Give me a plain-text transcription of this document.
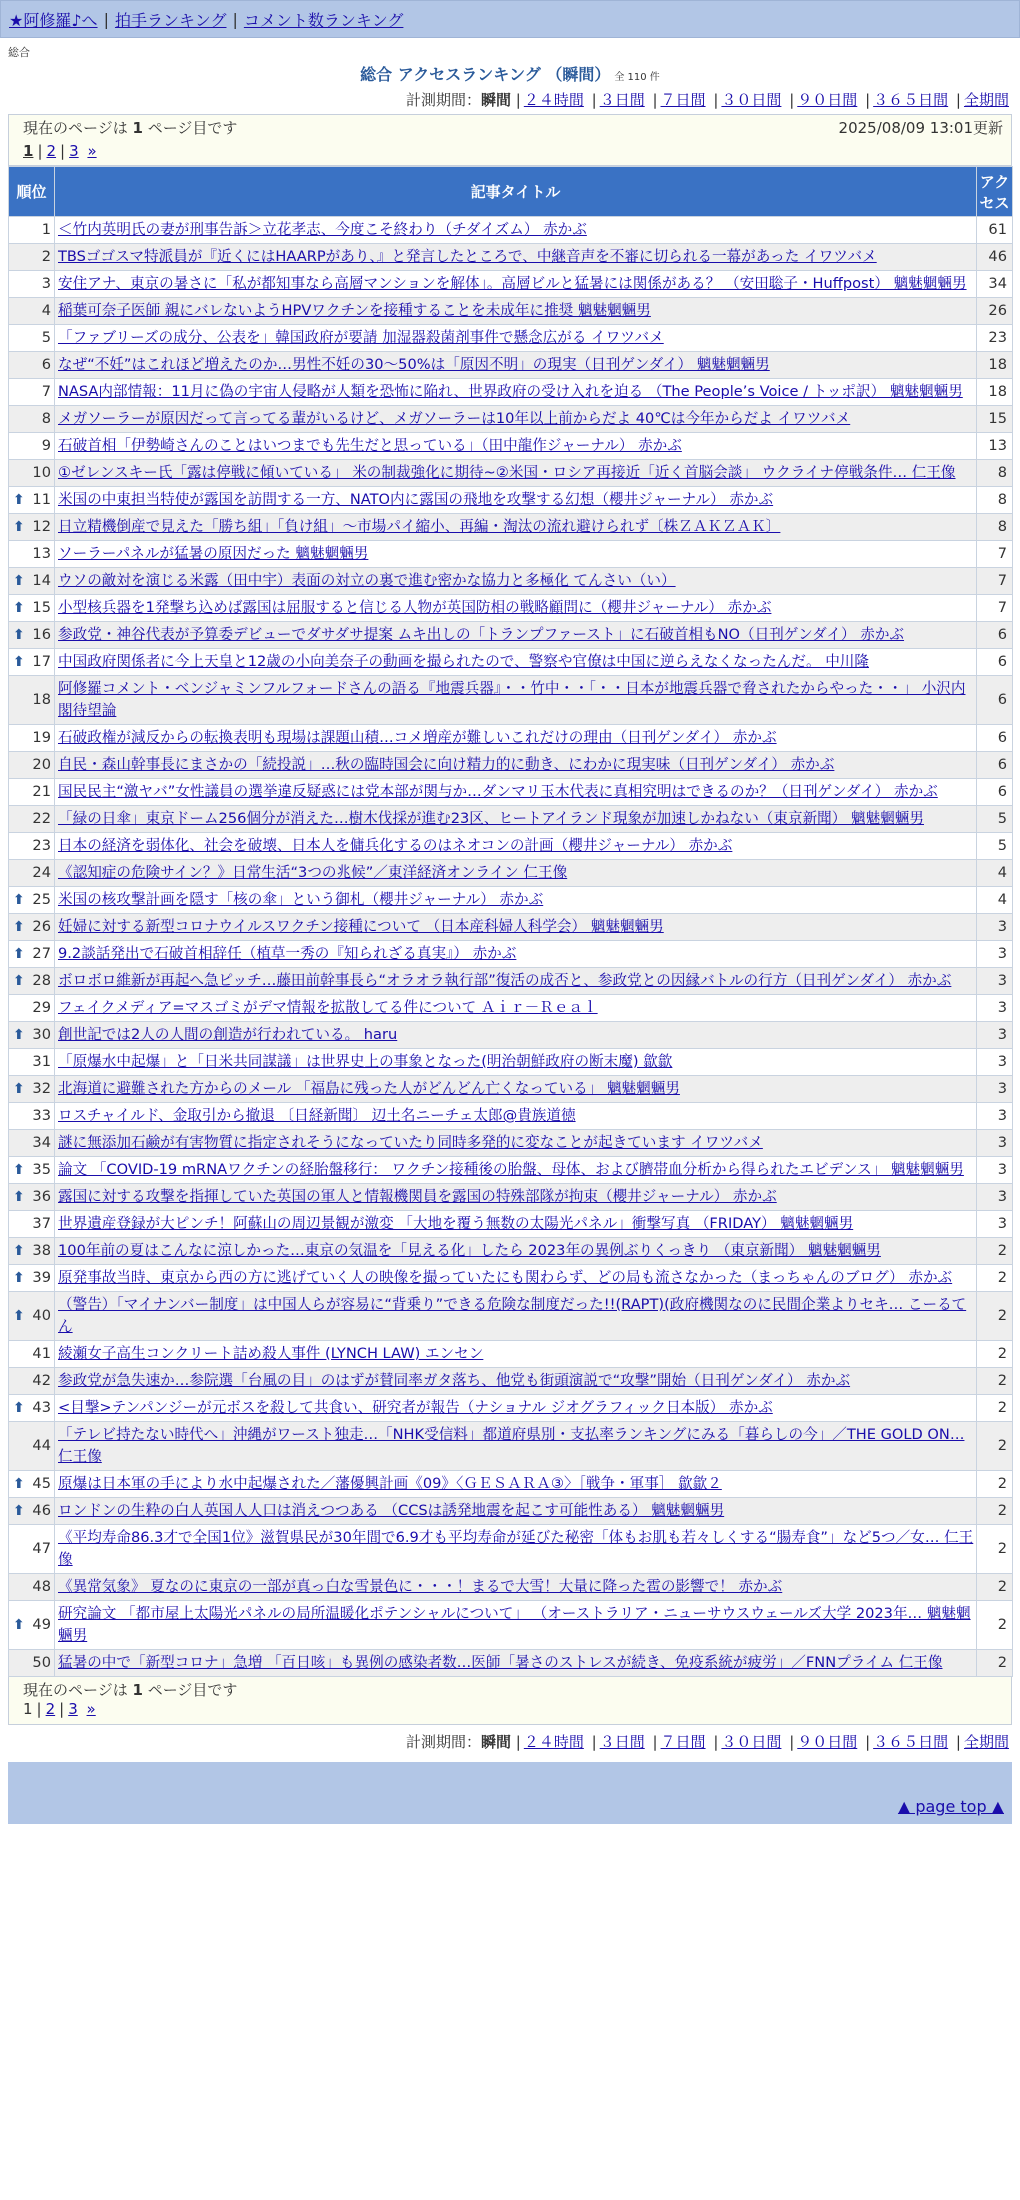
★阿修羅♪へ | 拍手ランキング | コメント数ランキング
総合
総合 アクセスランキング （瞬間） 全 110 件
計測期間：瞬間 | ２４時間 | ３日間 | ７日間 | ３０日間 | ９０日間 | ３６５日間 | 全期間
現在のページは 1 ページ目です	2025/08/09 13:01更新
1 | 2 | 3 »
順位	記事タイトル	アクセス
1	＜竹内英明氏の妻が刑事告訴＞立花孝志、今度こそ終わり（チダイズム） 赤かぶ	61
2	TBSゴゴスマ特派員が『近くにはHAARPがあり、』と発言したところで、中継音声を不審に切られる一幕があった イワツバメ	46
3	安住アナ、東京の暑さに「私が都知事なら高層マンションを解体」。高層ビルと猛暑には関係がある？ （安田聡子・Huffpost） 魑魅魍魎男	34
4	稲葉可奈子医師 親にバレないようHPVワクチンを接種することを未成年に推奨 魑魅魍魎男	26
5	「ファブリーズの成分、公表を」韓国政府が要請 加湿器殺菌剤事件で懸念広がる イワツバメ	23
6	なぜ“不妊”はこれほど増えたのか…男性不妊の30～50%は「原因不明」の現実（日刊ゲンダイ） 魑魅魍魎男	18
7	NASA内部情報：11月に偽の宇宙人侵略が人類を恐怖に陥れ、世界政府の受け入れを迫る （The People’s Voice / トッポ訳） 魑魅魍魎男	18
8	メガソーラーが原因だって言ってる輩がいるけど、メガソーラーは10年以上前からだよ 40℃は今年からだよ イワツバメ	15
9	石破首相「伊勢崎さんのことはいつまでも先生だと思っている」（田中龍作ジャーナル） 赤かぶ	13
10	①ゼレンスキー氏「露は停戦に傾いている」 米の制裁強化に期待~②米国・ロシア再接近「近く首脳会談」 ウクライナ停戦条件… 仁王像	8

⬆ 11	米国の中東担当特使が露国を訪問する一方、NATO内に露国の飛地を攻撃する幻想（櫻井ジャーナル） 赤かぶ	8

⬆ 12	日立精機倒産で見えた「勝ち組」「負け組」～市場パイ縮小、再編・淘汰の流れ避けられず〔株ＺＡＫＺＡＫ〕	8
13	ソーラーパネルが猛暑の原因だった 魑魅魍魎男	7

⬆ 14	ウソの敵対を演じる米露（田中宇）表面の対立の裏で進む密かな協力と多極化 てんさい（い）	7

⬆ 15	小型核兵器を1発撃ち込めば露国は屈服すると信じる人物が英国防相の戦略顧問に（櫻井ジャーナル） 赤かぶ	7

⬆ 16	参政党・神谷代表が予算委デビューでダサダサ提案 ムキ出しの「トランプファースト」に石破首相もNO（日刊ゲンダイ） 赤かぶ	6

⬆ 17	中国政府関係者に今上天皇と12歳の小向美奈子の動画を撮られたので、警察や官僚は中国に逆らえなくなったんだ。 中川隆	6
18	阿修羅コメント・ベンジャミンフルフォードさんの語る『地震兵器』・・竹中・・「・・日本が地震兵器で脅されたからやった・・」 小沢内閣待望論	6
19	石破政権が減反からの転換表明も現場は課題山積…コメ増産が難しいこれだけの理由（日刊ゲンダイ） 赤かぶ	6
20	自民・森山幹事長にまさかの「続投説」…秋の臨時国会に向け精力的に動き、にわかに現実味（日刊ゲンダイ） 赤かぶ	6
21	国民民主“激ヤバ”女性議員の選挙違反疑惑には党本部が関与か…ダンマリ玉木代表に真相究明はできるのか？（日刊ゲンダイ） 赤かぶ	6
22	「緑の日傘」東京ドーム256個分が消えた…樹木伐採が進む23区、ヒートアイランド現象が加速しかねない（東京新聞） 魑魅魍魎男	5
23	日本の経済を弱体化、社会を破壊、日本人を傭兵化するのはネオコンの計画（櫻井ジャーナル） 赤かぶ	5
24	《認知症の危険サイン？》日常生活“3つの兆候”／東洋経済オンライン 仁王像	4

⬆ 25	米国の核攻撃計画を隠す「核の傘」という御札（櫻井ジャーナル） 赤かぶ	4

⬆ 26	妊婦に対する新型コロナウイルスワクチン接種について （日本産科婦人科学会） 魑魅魍魎男	3

⬆ 27	9.2談話発出で石破首相辞任（植草一秀の『知られざる真実』） 赤かぶ	3

⬆ 28	ボロボロ維新が再起へ急ピッチ…藤田前幹事長ら“オラオラ執行部”復活の成否と、参政党との因縁バトルの行方（日刊ゲンダイ） 赤かぶ	3
29	フェイクメディア=マスゴミがデマ情報を拡散してる件について Ａｉｒ－Ｒｅａｌ	3

⬆ 30	創世記では2人の人間の創造が行われている。 haru	3
31	「原爆水中起爆」と「日米共同謀議」は世界史上の事象となった(明治朝鮮政府の断末魔) 歙歙	3

⬆ 32	北海道に避難された方からのメール 「福島に残った人がどんどん亡くなっている」 魑魅魍魎男	3
33	ロスチャイルド、金取引から撤退 〔日経新聞〕 辺土名ニーチェ太郎@貴族道徳	3
34	謎に無添加石鹸が有害物質に指定されそうになっていたり同時多発的に変なことが起きています イワツバメ	3

⬆ 35	論文 「COVID-19 mRNAワクチンの経胎盤移行： ワクチン接種後の胎盤、母体、および臍帯血分析から得られたエビデンス」 魑魅魍魎男	3

⬆ 36	露国に対する攻撃を指揮していた英国の軍人と情報機関員を露国の特殊部隊が拘束（櫻井ジャーナル） 赤かぶ	3
37	世界遺産登録が大ピンチ！阿蘇山の周辺景観が激変 「大地を覆う無数の太陽光パネル」衝撃写真 （FRIDAY） 魑魅魍魎男	3

⬆ 38	100年前の夏はこんなに涼しかった…東京の気温を「見える化」したら 2023年の異例ぶりくっきり （東京新聞） 魑魅魍魎男	2

⬆ 39	原発事故当時、東京から西の方に逃げていく人の映像を撮っていたにも関わらず、どの局も流さなかった（まっちゃんのブログ） 赤かぶ	2

⬆ 40	（警告）「マイナンバー制度」は中国人らが容易に“背乗り”できる危険な制度だった!!(RAPT)(政府機関なのに民間企業よりセキ… こーるてん	2
41	綾瀬女子高生コンクリート詰め殺人事件 (LYNCH LAW) エンセン	2
42	参政党が急失速か…参院選「台風の目」のはずが賛同率ガタ落ち、他党も街頭演説で“攻撃”開始（日刊ゲンダイ） 赤かぶ	2

⬆ 43	<目撃>テンパンジーが元ボスを殺して共食い、研究者が報告（ナショナル ジオグラフィック日本版） 赤かぶ	2
44	「テレビ持たない時代へ」沖縄がワースト独走…「NHK受信料」都道府県別・支払率ランキングにみる「暮らしの今」／THE GOLD ON… 仁王像	2

⬆ 45	原爆は日本軍の手により水中起爆された／藩優興計画《09》〈ＧＥＳＡＲＡ③〉［戦争・軍事］ 歙歙２	2

⬆ 46	ロンドンの生粋の白人英国人人口は消えつつある （CCSは誘発地震を起こす可能性ある） 魑魅魍魎男	2
47	《平均寿命86.3才で全国1位》滋賀県民が30年間で6.9才も平均寿命が延びた秘密「体もお肌も若々しくする“腸寿食”」など5つ／女… 仁王像	2
48	《異常気象》 夏なのに東京の一部が真っ白な雪景色に・・・！まるで大雪！大量に降った雹の影響で！ 赤かぶ	2

⬆ 49	研究論文 「都市屋上太陽光パネルの局所温暖化ポテンシャルについて」 （オーストラリア・ニューサウスウェールズ大学 2023年… 魑魅魍魎男	2
50	猛暑の中で「新型コロナ」急増 「百日咳」も異例の感染者数…医師「暑さのストレスが続き、免疫系統が疲労」／FNNプライム 仁王像	2
現在のページは 1 ページ目です
1 | 2 | 3 »
計測期間：瞬間 | ２４時間 | ３日間 | ７日間 | ３０日間 | ９０日間 | ３６５日間 | 全期間
▲ page top ▲
